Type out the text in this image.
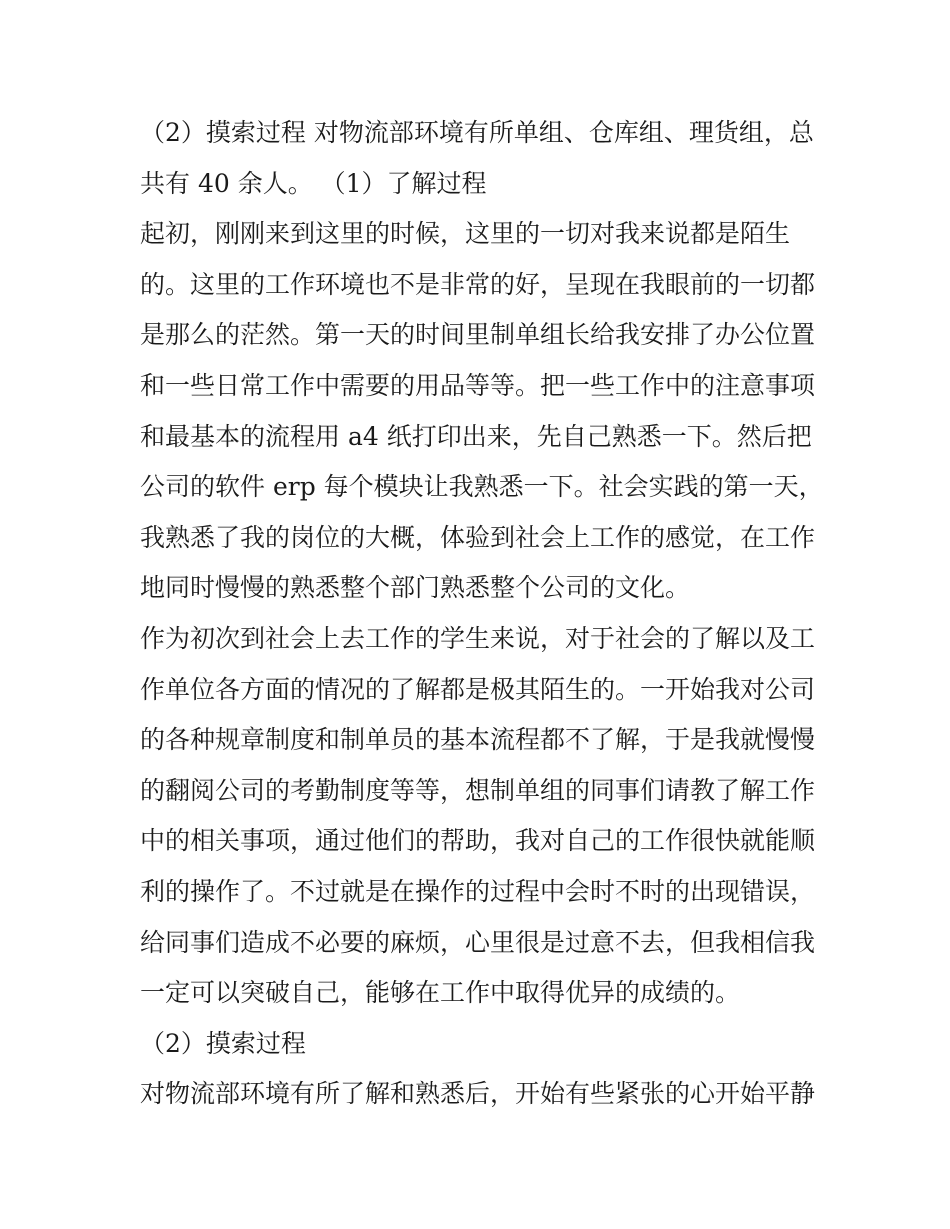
（2）摸索过程 对物流部环境有所单组、仓库组、理货组，总
共有 40 余人。 （1）了解过程
起初，刚刚来到这里的时候，这里的一切对我来说都是陌生
的。这里的工作环境也不是非常的好，呈现在我眼前的一切都
是那么的茫然。第一天的时间里制单组长给我安排了办公位置
和一些日常工作中需要的用品等等。把一些工作中的注意事项
和最基本的流程用 a4 纸打印出来，先自己熟悉一下。然后把
公司的软件 erp 每个模块让我熟悉一下。社会实践的第一天，
我熟悉了我的岗位的大概，体验到社会上工作的感觉，在工作
地同时慢慢的熟悉整个部门熟悉整个公司的文化。
作为初次到社会上去工作的学生来说，对于社会的了解以及工
作单位各方面的情况的了解都是极其陌生的。一开始我对公司
的各种规章制度和制单员的基本流程都不了解，于是我就慢慢
的翻阅公司的考勤制度等等，想制单组的同事们请教了解工作
中的相关事项，通过他们的帮助，我对自己的工作很快就能顺
利的操作了。不过就是在操作的过程中会时不时的出现错误，
给同事们造成不必要的麻烦，心里很是过意不去，但我相信我
一定可以突破自己，能够在工作中取得优异的成绩的。
（2）摸索过程
对物流部环境有所了解和熟悉后，开始有些紧张的心开始平静
